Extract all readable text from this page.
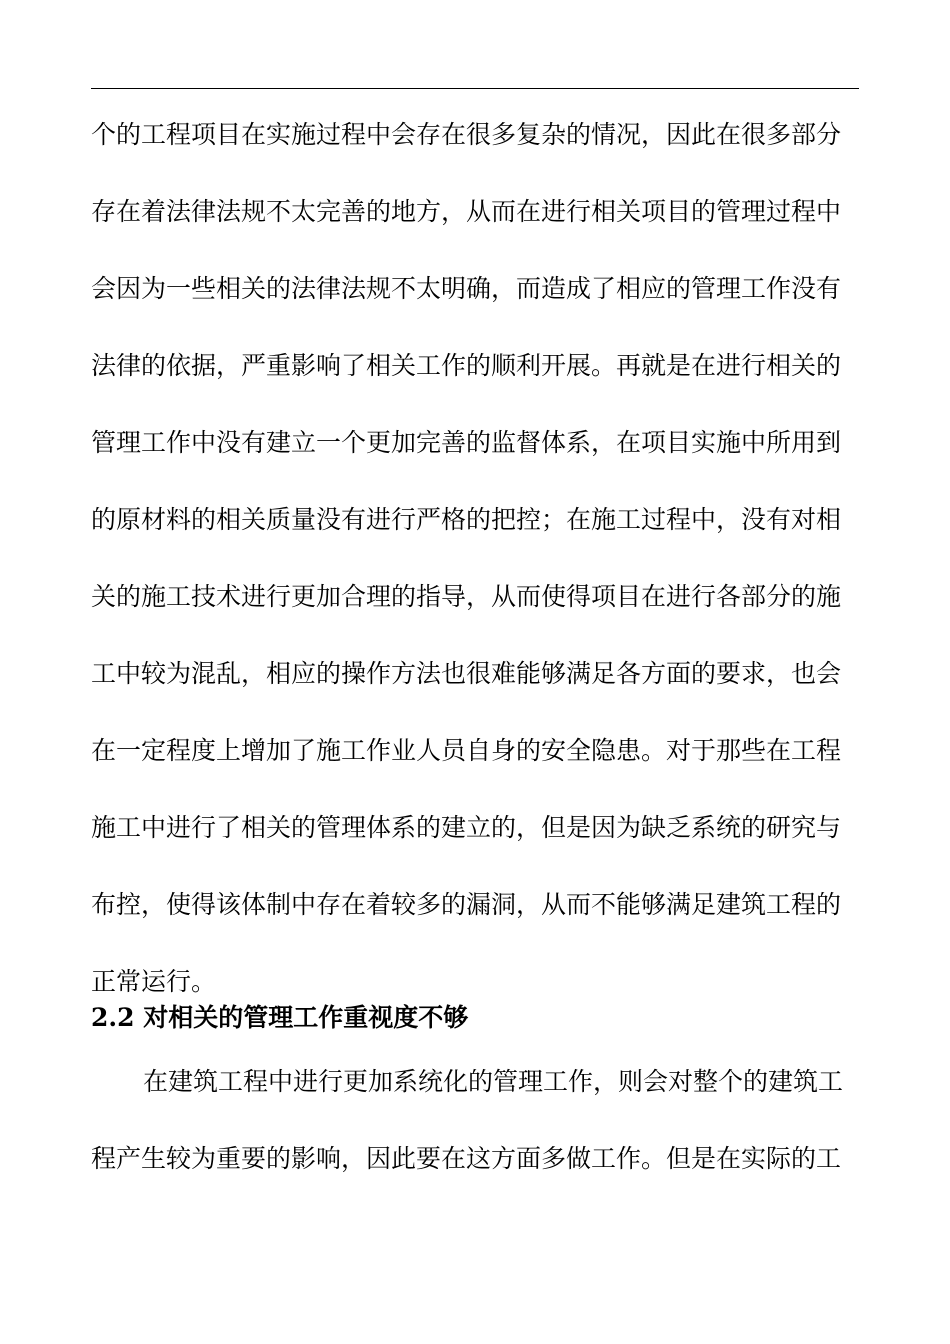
个的工程项目在实施过程中会存在很多复杂的情况，因此在很多部分

存在着法律法规不太完善的地方，从而在进行相关项目的管理过程中

会因为一些相关的法律法规不太明确，而造成了相应的管理工作没有

法律的依据，严重影响了相关工作的顺利开展。再就是在进行相关的

管理工作中没有建立一个更加完善的监督体系，在项目实施中所用到

的原材料的相关质量没有进行严格的把控；在施工过程中，没有对相

关的施工技术进行更加合理的指导，从而使得项目在进行各部分的施

工中较为混乱，相应的操作方法也很难能够满足各方面的要求，也会

在一定程度上增加了施工作业人员自身的安全隐患。对于那些在工程

施工中进行了相关的管理体系的建立的，但是因为缺乏系统的研究与

布控，使得该体制中存在着较多的漏洞，从而不能够满足建筑工程的

正常运行。

2.2 对相关的管理工作重视度不够

在建筑工程中进行更加系统化的管理工作，则会对整个的建筑工

程产生较为重要的影响，因此要在这方面多做工作。但是在实际的工
